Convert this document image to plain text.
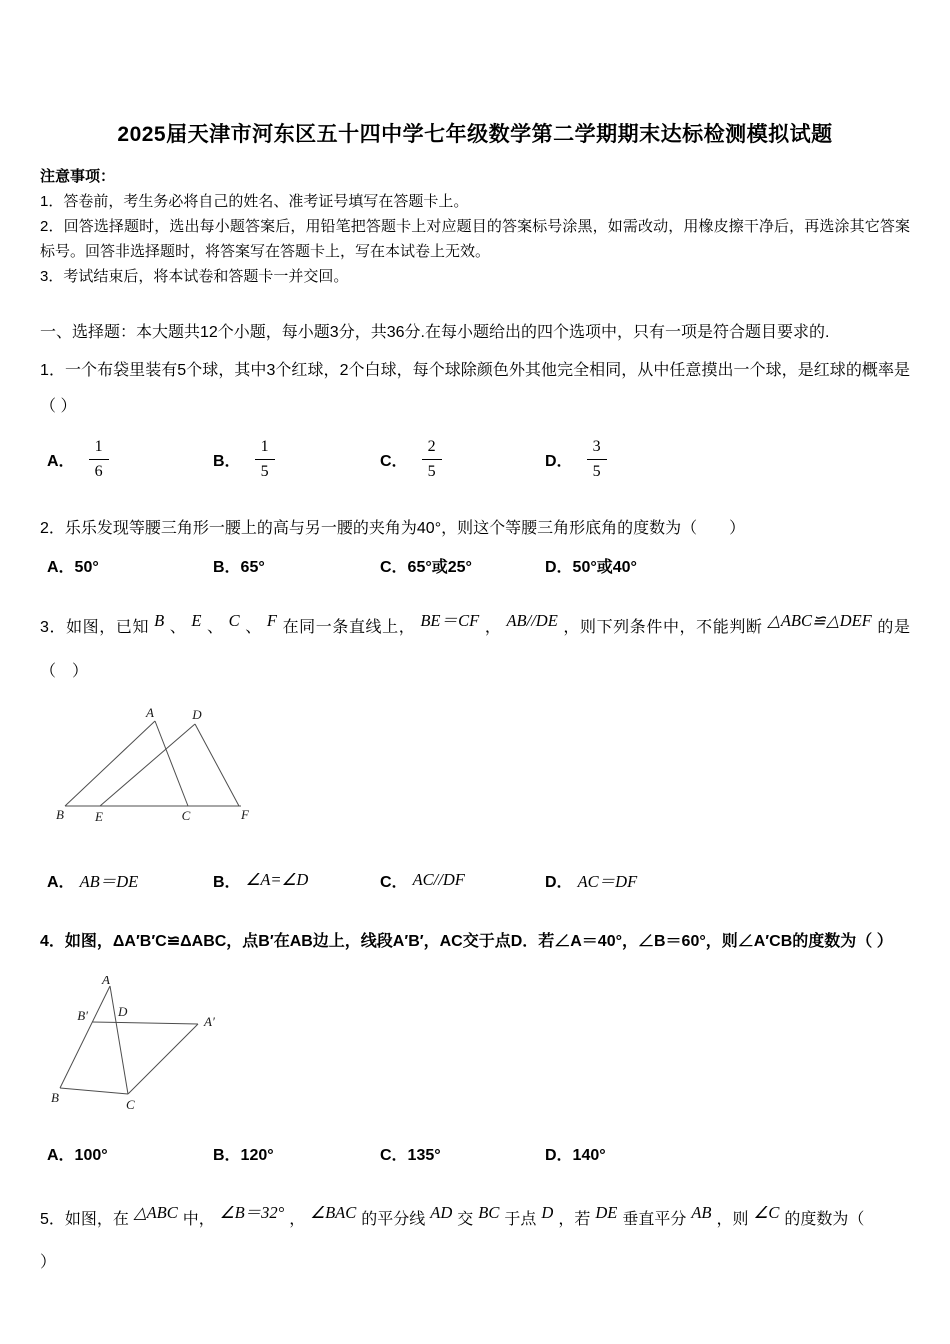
2025届天津市河东区五十四中学七年级数学第二学期期末达标检测模拟试题
注意事项：
1．答卷前，考生务必将自己的姓名、准考证号填写在答题卡上。
2．回答选择题时，选出每小题答案后，用铅笔把答题卡上对应题目的答案标号涂黑，如需改动，用橡皮擦干净后，再选涂其它答案标号。回答非选择题时，将答案写在答题卡上，写在本试卷上无效。
3．考试结束后，将本试卷和答题卡一并交回。
一、选择题：本大题共12个小题，每小题3分，共36分.在每小题给出的四个选项中，只有一项是符合题目要求的.

1．一个布袋里装有5个球，其中3个红球，2个白球，每个球除颜色外其他完全相同，从中任意摸出一个球，是红球的概率是（ ）

A． $\frac{1}{6}$	B． $\frac{1}{5}$	C． $\frac{2}{5}$	D． $\frac{3}{5}$

2．乐乐发现等腰三角形一腰上的高与另一腰的夹角为40°，则这个等腰三角形底角的度数为（　　）

A．50°	B．65°	C．65°或25°	D．50°或40°

3．如图，已知 B 、 E 、 C 、 F 在同一条直线上， BE＝CF ， AB//DE ，则下列条件中，不能判断 △ABC≌△DEF 的是（　）

A	D
B E	C	F
A． AB＝DE	B． ∠A=∠D	C． AC//DF	D． AC＝DF

4．如图，ΔA′B′C≌ΔABC，点B′在AB边上，线段A′B′，AC交于点D．若∠A＝40°，∠B＝60°，则∠A′CB的度数为（ ）

A
B′ D
A′
B	C
A．100°	B．120°	C．135°	D．140°

5．如图，在 △ABC 中， ∠B＝32° ， ∠BAC 的平分线 AD 交 BC 于点 D ，若 DE 垂直平分 AB ，则 ∠C 的度数为（

）
